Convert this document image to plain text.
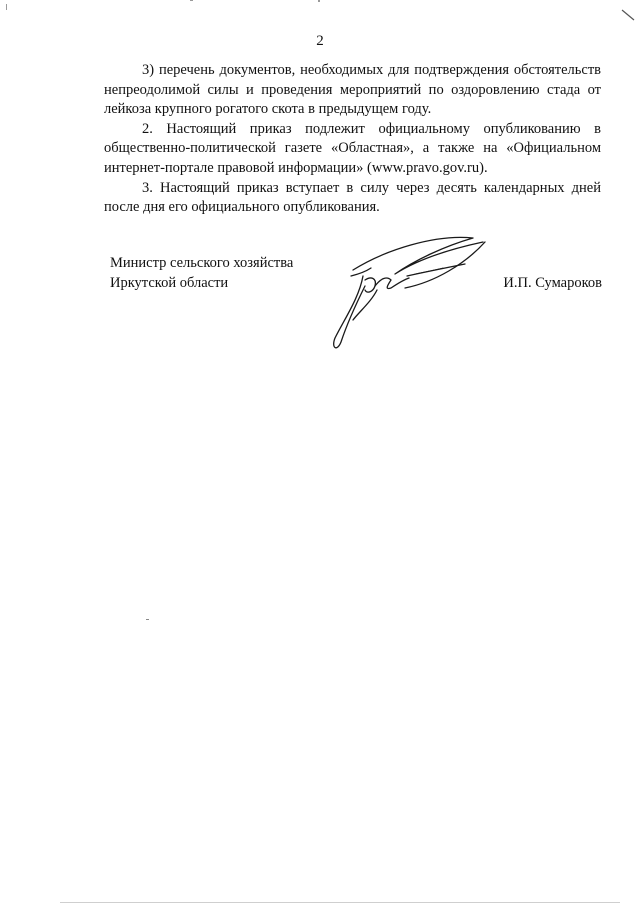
2

3) перечень документов, необходимых для подтверждения обстоятельств непреодолимой силы и проведения мероприятий по оздоровлению стада от лейкоза крупного рогатого скота в предыдущем году.

2. Настоящий приказ подлежит официальному опубликованию в общественно-политической газете «Областная», а также на «Официальном интернет-портале правовой информации» (www.pravo.gov.ru).

3. Настоящий приказ вступает в силу через десять календарных дней после дня его официального опубликования.

Министр сельского хозяйства
Иркутской области	И.П. Сумароков
